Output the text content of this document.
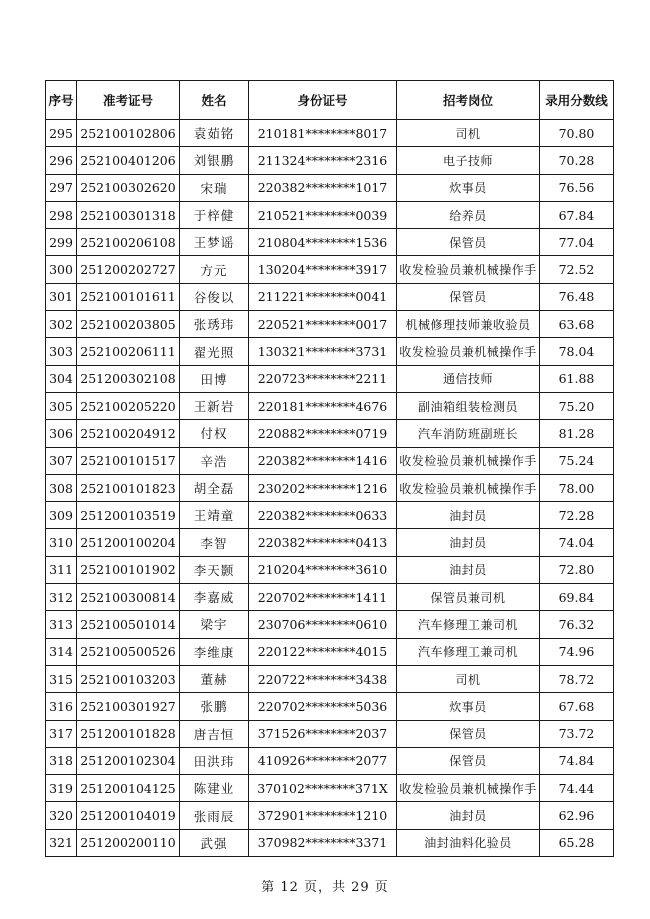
序号	准考证号	姓名	身份证号	招考岗位	录用分数线
295	252100102806	袁茹铭	210181********8017	司机	70.80
296	252100401206	刘银鹏	211324********2316	电子技师	70.28
297	252100302620	宋瑞	220382********1017	炊事员	76.56
298	252100301318	于梓健	210521********0039	给养员	67.84
299	252100206108	王梦谣	210804********1536	保管员	77.04
300	251200202727	方元	130204********3917	收发检验员兼机械操作手	72.52
301	252100101611	谷俊以	211221********0041	保管员	76.48
302	252100203805	张琇玮	220521********0017	机械修理技师兼收验员	63.68
303	252100206111	翟光照	130321********3731	收发检验员兼机械操作手	78.04
304	251200302108	田博	220723********2211	通信技师	61.88
305	252100205220	王新岩	220181********4676	副油箱组装检测员	75.20
306	252100204912	付权	220882********0719	汽车消防班副班长	81.28
307	252100101517	辛浩	220382********1416	收发检验员兼机械操作手	75.24
308	252100101823	胡全磊	230202********1216	收发检验员兼机械操作手	78.00
309	251200103519	王靖童	220382********0633	油封员	72.28
310	251200100204	李智	220382********0413	油封员	74.04
311	252100101902	李天颢	210204********3610	油封员	72.80
312	252100300814	李嘉威	220702********1411	保管员兼司机	69.84
313	252100501014	梁宇	230706********0610	汽车修理工兼司机	76.32
314	252100500526	李维康	220122********4015	汽车修理工兼司机	74.96
315	252100103203	董赫	220722********3438	司机	78.72
316	252100301927	张鹏	220702********5036	炊事员	67.68
317	251200101828	唐吉恒	371526********2037	保管员	73.72
318	251200102304	田洪玮	410926********2077	保管员	74.84
319	251200104125	陈建业	370102********371X	收发检验员兼机械操作手	74.44
320	251200104019	张雨辰	372901********1210	油封员	62.96
321	251200200110	武强	370982********3371	油封油料化验员	65.28
第 12 页，共 29 页
